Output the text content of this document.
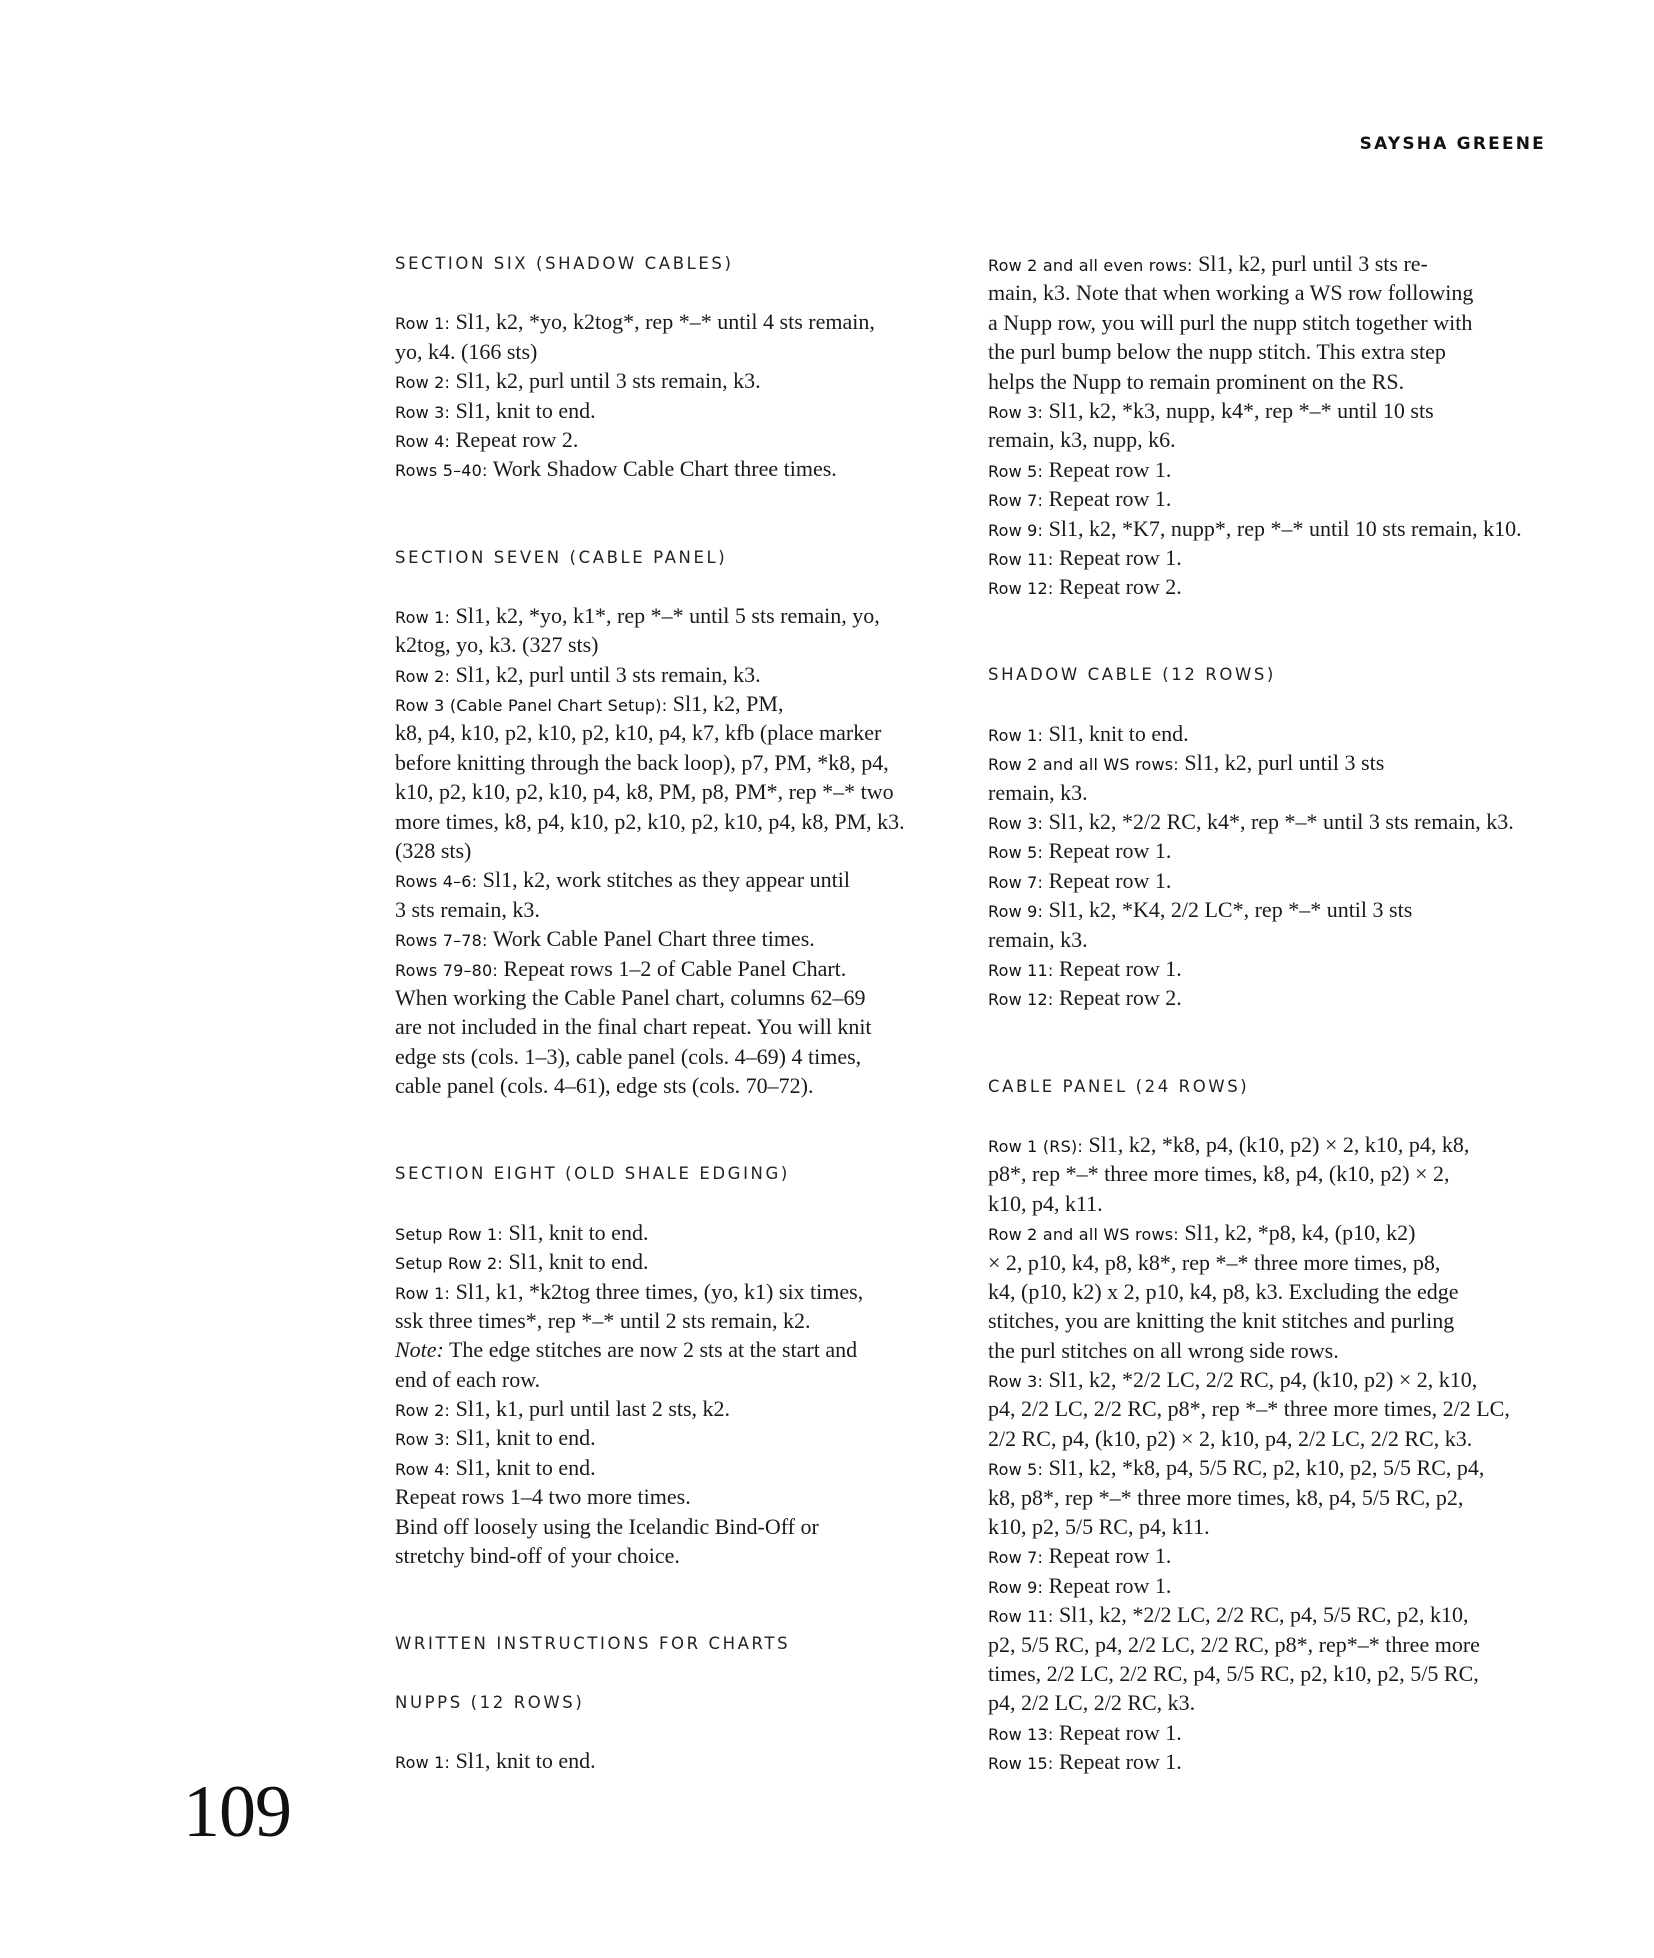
SAYSHA GREENE
SECTION SIX (SHADOW CABLES)
Row 1: Sl1, k2, *yo, k2tog*, rep *–* until 4 sts remain,
yo, k4. (166 sts)
Row 2: Sl1, k2, purl until 3 sts remain, k3.
Row 3: Sl1, knit to end.
Row 4: Repeat row 2.
Rows 5–40: Work Shadow Cable Chart three times.
SECTION SEVEN (CABLE PANEL)
Row 1: Sl1, k2, *yo, k1*, rep *–* until 5 sts remain, yo,
k2tog, yo, k3. (327 sts)
Row 2: Sl1, k2, purl until 3 sts remain, k3.
Row 3 (Cable Panel Chart Setup): Sl1, k2, PM,
k8, p4, k10, p2, k10, p2, k10, p4, k7, kfb (place marker
before knitting through the back loop), p7, PM, *k8, p4,
k10, p2, k10, p2, k10, p4, k8, PM, p8, PM*, rep *–* two
more times, k8, p4, k10, p2, k10, p2, k10, p4, k8, PM, k3.
(328 sts)
Rows 4–6: Sl1, k2, work stitches as they appear until
3 sts remain, k3.
Rows 7–78: Work Cable Panel Chart three times.
Rows 79–80: Repeat rows 1–2 of Cable Panel Chart.
When working the Cable Panel chart, columns 62–69
are not included in the final chart repeat. You will knit
edge sts (cols. 1–3), cable panel (cols. 4–69) 4 times,
cable panel (cols. 4–61), edge sts (cols. 70–72).
SECTION EIGHT (OLD SHALE EDGING)
Setup Row 1: Sl1, knit to end.
Setup Row 2: Sl1, knit to end.
Row 1: Sl1, k1, *k2tog three times, (yo, k1) six times,
ssk three times*, rep *–* until 2 sts remain, k2.
Note: The edge stitches are now 2 sts at the start and
end of each row.
Row 2: Sl1, k1, purl until last 2 sts, k2.
Row 3: Sl1, knit to end.
Row 4: Sl1, knit to end.
Repeat rows 1–4 two more times.
Bind off loosely using the Icelandic Bind-Off or
stretchy bind-off of your choice.
WRITTEN INSTRUCTIONS FOR CHARTS
NUPPS (12 ROWS)
Row 1: Sl1, knit to end.
Row 2 and all even rows: Sl1, k2, purl until 3 sts re-
main, k3. Note that when working a WS row following
a Nupp row, you will purl the nupp stitch together with
the purl bump below the nupp stitch. This extra step
helps the Nupp to remain prominent on the RS.
Row 3: Sl1, k2, *k3, nupp, k4*, rep *–* until 10 sts
remain, k3, nupp, k6.
Row 5: Repeat row 1.
Row 7: Repeat row 1.
Row 9: Sl1, k2, *K7, nupp*, rep *–* until 10 sts remain, k10.
Row 11: Repeat row 1.
Row 12: Repeat row 2.
SHADOW CABLE (12 ROWS)
Row 1: Sl1, knit to end.
Row 2 and all WS rows: Sl1, k2, purl until 3 sts
remain, k3.
Row 3: Sl1, k2, *2/2 RC, k4*, rep *–* until 3 sts remain, k3.
Row 5: Repeat row 1.
Row 7: Repeat row 1.
Row 9: Sl1, k2, *K4, 2/2 LC*, rep *–* until 3 sts
remain, k3.
Row 11: Repeat row 1.
Row 12: Repeat row 2.
CABLE PANEL (24 ROWS)
Row 1 (RS): Sl1, k2, *k8, p4, (k10, p2) × 2, k10, p4, k8,
p8*, rep *–* three more times, k8, p4, (k10, p2) × 2,
k10, p4, k11.
Row 2 and all WS rows: Sl1, k2, *p8, k4, (p10, k2)
× 2, p10, k4, p8, k8*, rep *–* three more times, p8,
k4, (p10, k2) x 2, p10, k4, p8, k3. Excluding the edge
stitches, you are knitting the knit stitches and purling
the purl stitches on all wrong side rows.
Row 3: Sl1, k2, *2/2 LC, 2/2 RC, p4, (k10, p2) × 2, k10,
p4, 2/2 LC, 2/2 RC, p8*, rep *–* three more times, 2/2 LC,
2/2 RC, p4, (k10, p2) × 2, k10, p4, 2/2 LC, 2/2 RC, k3.
Row 5: Sl1, k2, *k8, p4, 5/5 RC, p2, k10, p2, 5/5 RC, p4,
k8, p8*, rep *–* three more times, k8, p4, 5/5 RC, p2,
k10, p2, 5/5 RC, p4, k11.
Row 7: Repeat row 1.
Row 9: Repeat row 1.
Row 11: Sl1, k2, *2/2 LC, 2/2 RC, p4, 5/5 RC, p2, k10,
p2, 5/5 RC, p4, 2/2 LC, 2/2 RC, p8*, rep*–* three more
times, 2/2 LC, 2/2 RC, p4, 5/5 RC, p2, k10, p2, 5/5 RC,
p4, 2/2 LC, 2/2 RC, k3.
Row 13: Repeat row 1.
Row 15: Repeat row 1.
109
